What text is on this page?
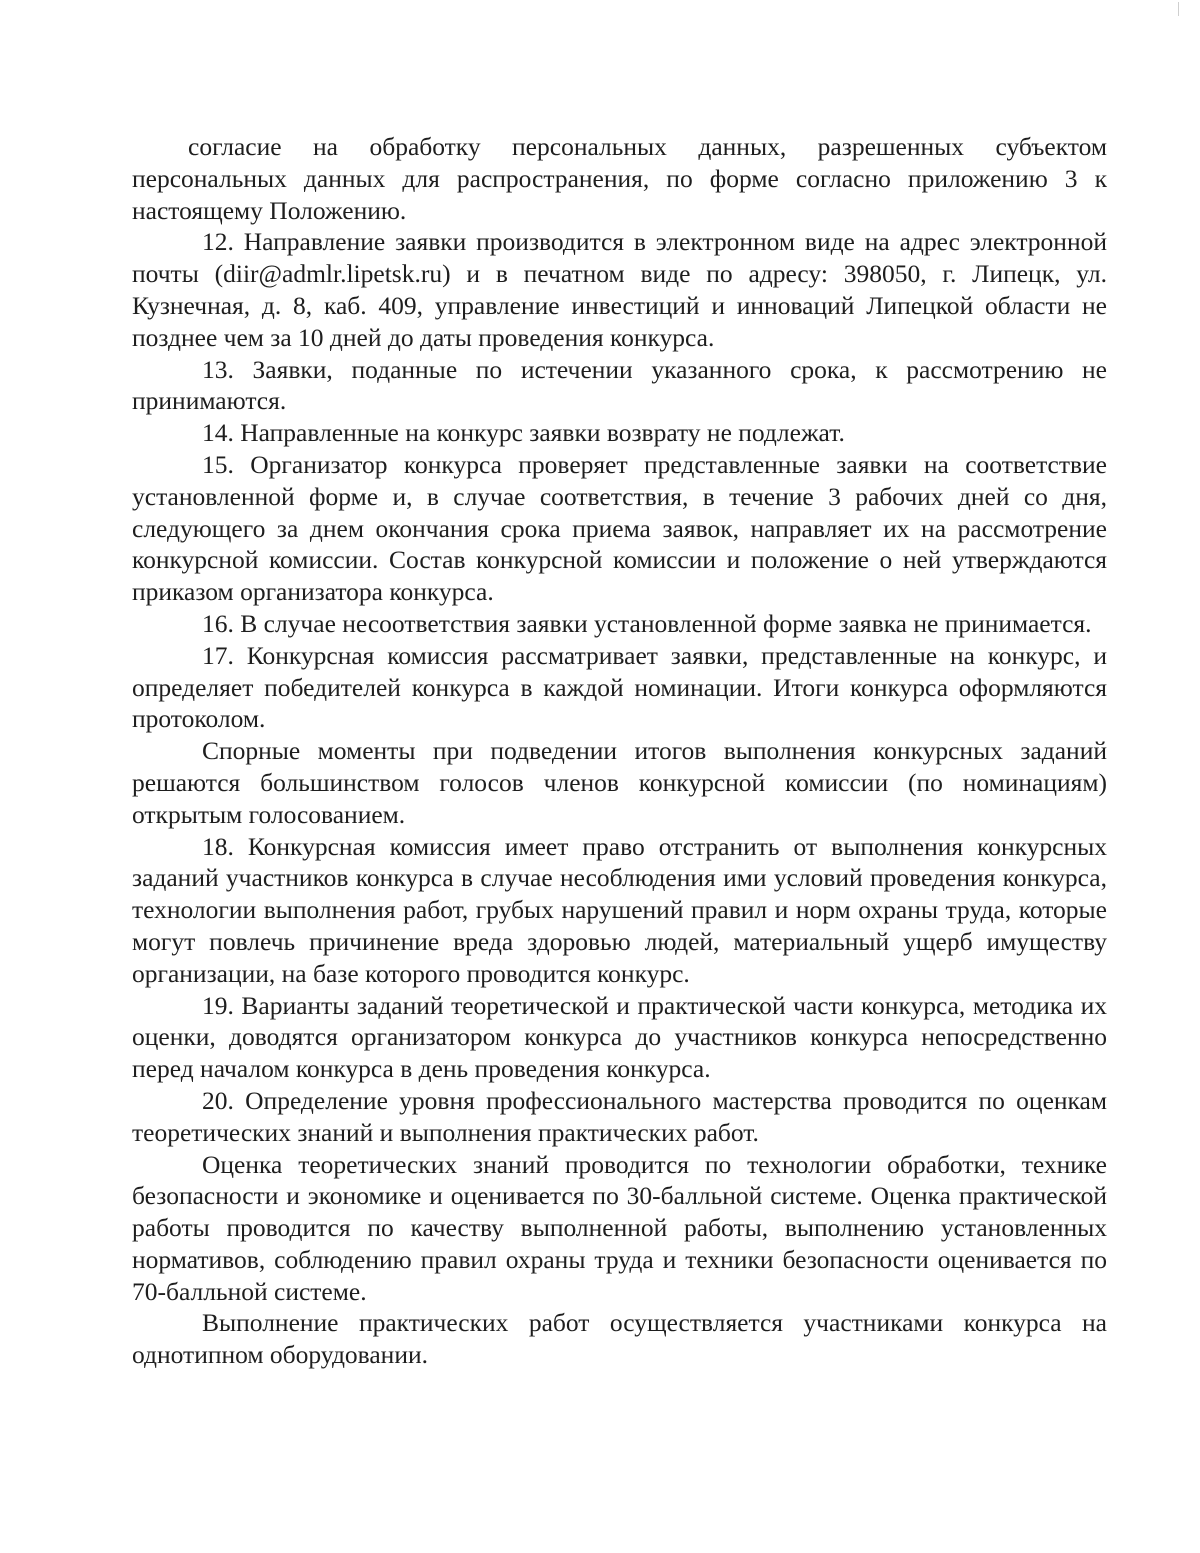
согласие на обработку персональных данных, разрешенных субъектом персональных данных для распространения, по форме согласно приложению 3 к настоящему Положению.

12. Направление заявки производится в электронном виде на адрес электронной почты (diir@admlr.lipetsk.ru) и в печатном виде по адресу: 398050, г. Липецк, ул. Кузнечная, д. 8, каб. 409, управление инвестиций и инноваций Липецкой области не позднее чем за 10 дней до даты проведения конкурса.

13. Заявки, поданные по истечении указанного срока, к рассмотрению не принимаются.

14. Направленные на конкурс заявки возврату не подлежат.

15. Организатор конкурса проверяет представленные заявки на соответствие установленной форме и, в случае соответствия, в течение 3 рабочих дней со дня, следующего за днем окончания срока приема заявок, направляет их на рассмотрение конкурсной комиссии. Состав конкурсной комиссии и положение о ней утверждаются приказом организатора конкурса.

16. В случае несоответствия заявки установленной форме заявка не принимается.

17. Конкурсная комиссия рассматривает заявки, представленные на конкурс, и определяет победителей конкурса в каждой номинации. Итоги конкурса оформляются протоколом.

Спорные моменты при подведении итогов выполнения конкурсных заданий решаются большинством голосов членов конкурсной комиссии (по номинациям) открытым голосованием.

18. Конкурсная комиссия имеет право отстранить от выполнения конкурсных заданий участников конкурса в случае несоблюдения ими условий проведения конкурса, технологии выполнения работ, грубых нарушений правил и норм охраны труда, которые могут повлечь причинение вреда здоровью людей, материальный ущерб имуществу организации, на базе которого проводится конкурс.

19. Варианты заданий теоретической и практической части конкурса, методика их оценки, доводятся организатором конкурса до участников конкурса непосредственно перед началом конкурса в день проведения конкурса.

20. Определение уровня профессионального мастерства проводится по оценкам теоретических знаний и выполнения практических работ.

Оценка теоретических знаний проводится по технологии обработки, технике безопасности и экономике и оценивается по 30-балльной системе. Оценка практической работы проводится по качеству выполненной работы, выполнению установленных нормативов, соблюдению правил охраны труда и техники безопасности оценивается по 70-балльной системе.

Выполнение практических работ осуществляется участниками конкурса на однотипном оборудовании.
